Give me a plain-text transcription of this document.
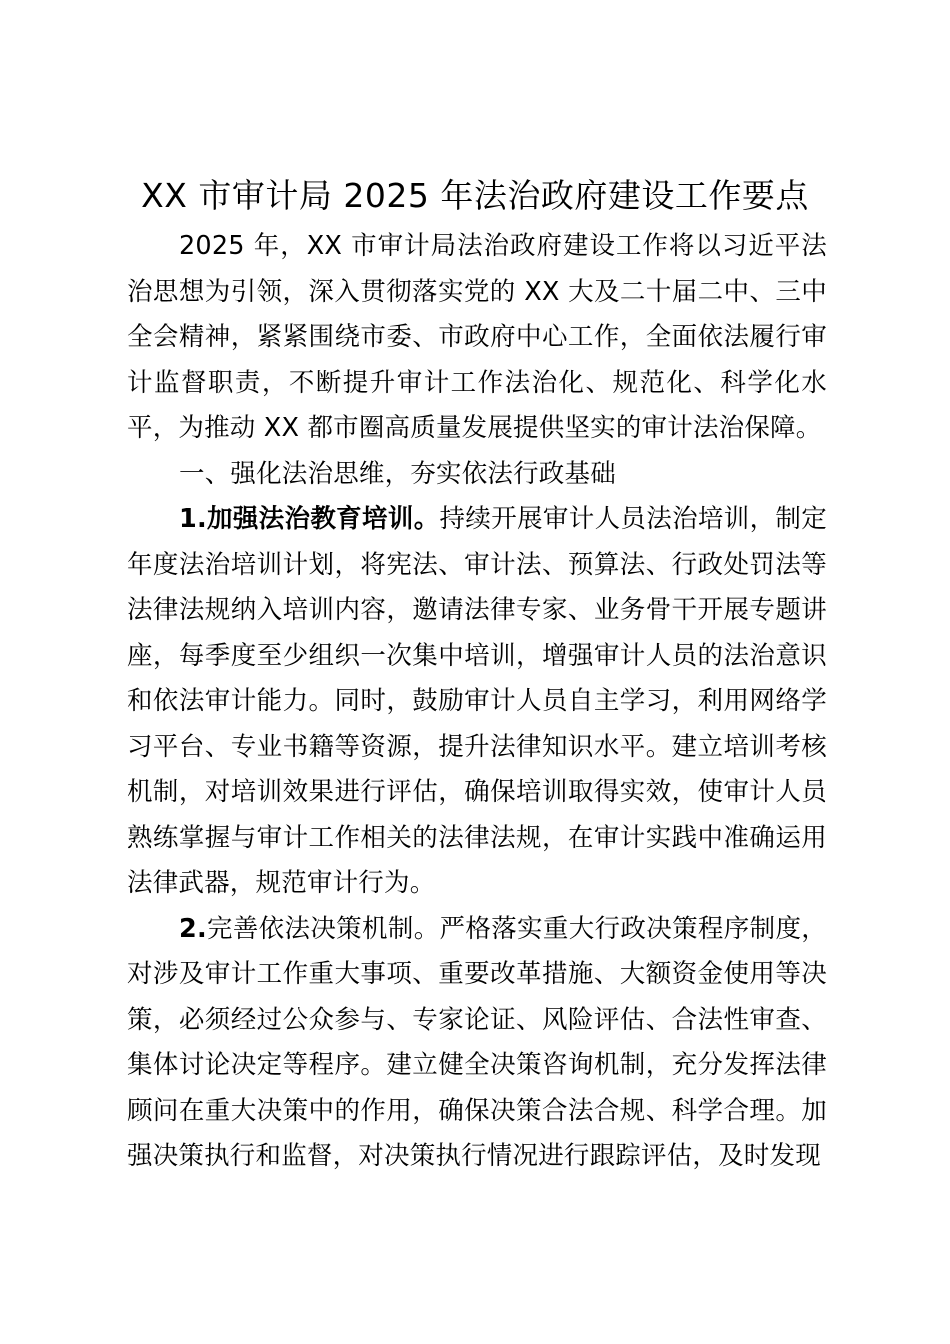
XX 市审计局 2025 年法治政府建设工作要点

2025 年，XX 市审计局法治政府建设工作将以习近平法治思想为引领，深入贯彻落实党的 XX 大及二十届二中、三中全会精神，紧紧围绕市委、市政府中心工作，全面依法履行审计监督职责，不断提升审计工作法治化、规范化、科学化水平，为推动 XX 都市圈高质量发展提供坚实的审计法治保障。

一、强化法治思维，夯实依法行政基础

1.加强法治教育培训。持续开展审计人员法治培训，制定年度法治培训计划，将宪法、审计法、预算法、行政处罚法等法律法规纳入培训内容，邀请法律专家、业务骨干开展专题讲座，每季度至少组织一次集中培训，增强审计人员的法治意识和依法审计能力。同时，鼓励审计人员自主学习，利用网络学习平台、专业书籍等资源，提升法律知识水平。建立培训考核机制，对培训效果进行评估，确保培训取得实效，使审计人员熟练掌握与审计工作相关的法律法规，在审计实践中准确运用法律武器，规范审计行为。

2.完善依法决策机制。严格落实重大行政决策程序制度，对涉及审计工作重大事项、重要改革措施、大额资金使用等决策，必须经过公众参与、专家论证、风险评估、合法性审查、集体讨论决定等程序。建立健全决策咨询机制，充分发挥法律顾问在重大决策中的作用，确保决策合法合规、科学合理。加强决策执行和监督，对决策执行情况进行跟踪评估，及时发现
